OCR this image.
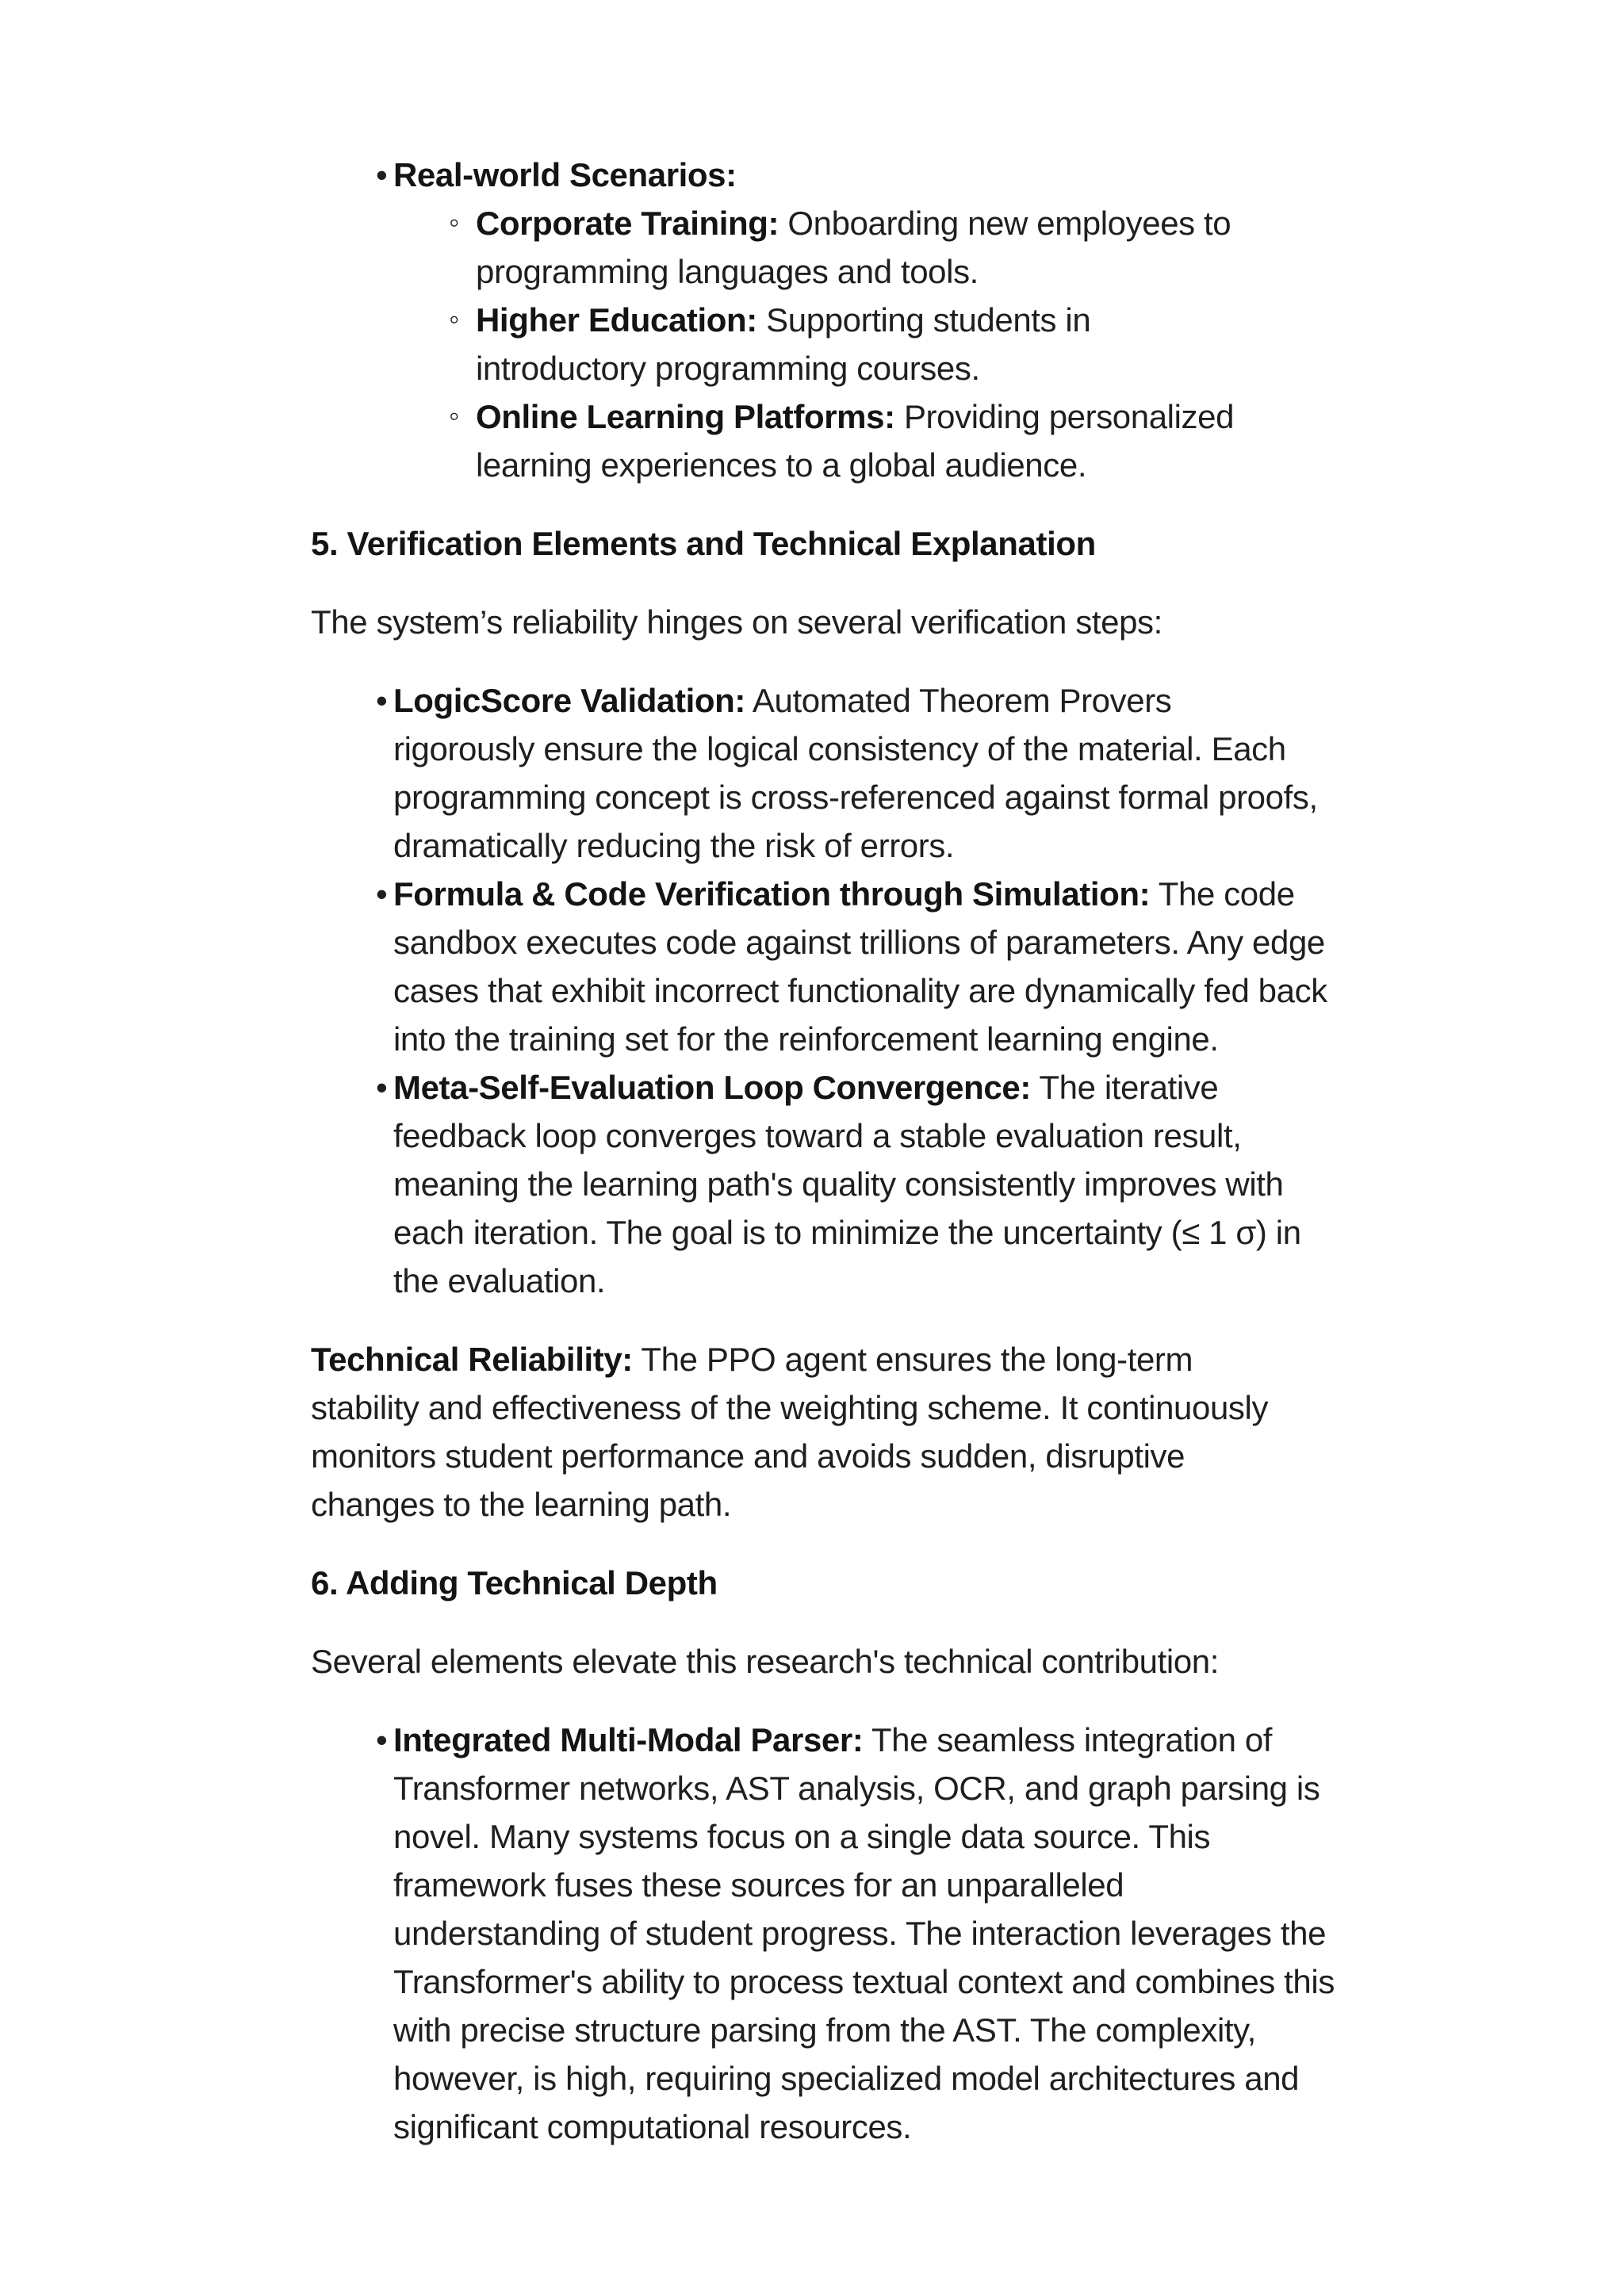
• Real-world Scenarios:
◦ Corporate Training: Onboarding new employees to programming languages and tools.
◦ Higher Education: Supporting students in introductory programming courses.
◦ Online Learning Platforms: Providing personalized learning experiences to a global audience.
5. Verification Elements and Technical Explanation

The system’s reliability hinges on several verification steps:

• LogicScore Validation: Automated Theorem Provers rigorously ensure the logical consistency of the material. Each programming concept is cross-referenced against formal proofs, dramatically reducing the risk of errors.
• Formula & Code Verification through Simulation: The code sandbox executes code against trillions of parameters. Any edge cases that exhibit incorrect functionality are dynamically fed back into the training set for the reinforcement learning engine.
• Meta-Self-Evaluation Loop Convergence: The iterative feedback loop converges toward a stable evaluation result, meaning the learning path's quality consistently improves with each iteration. The goal is to minimize the uncertainty (≤ 1 σ) in the evaluation.

Technical Reliability: The PPO agent ensures the long-term stability and effectiveness of the weighting scheme. It continuously monitors student performance and avoids sudden, disruptive changes to the learning path.

6. Adding Technical Depth

Several elements elevate this research's technical contribution:

• Integrated Multi-Modal Parser: The seamless integration of Transformer networks, AST analysis, OCR, and graph parsing is novel. Many systems focus on a single data source. This framework fuses these sources for an unparalleled understanding of student progress. The interaction leverages the Transformer's ability to process textual context and combines this with precise structure parsing from the AST. The complexity, however, is high, requiring specialized model architectures and significant computational resources.
